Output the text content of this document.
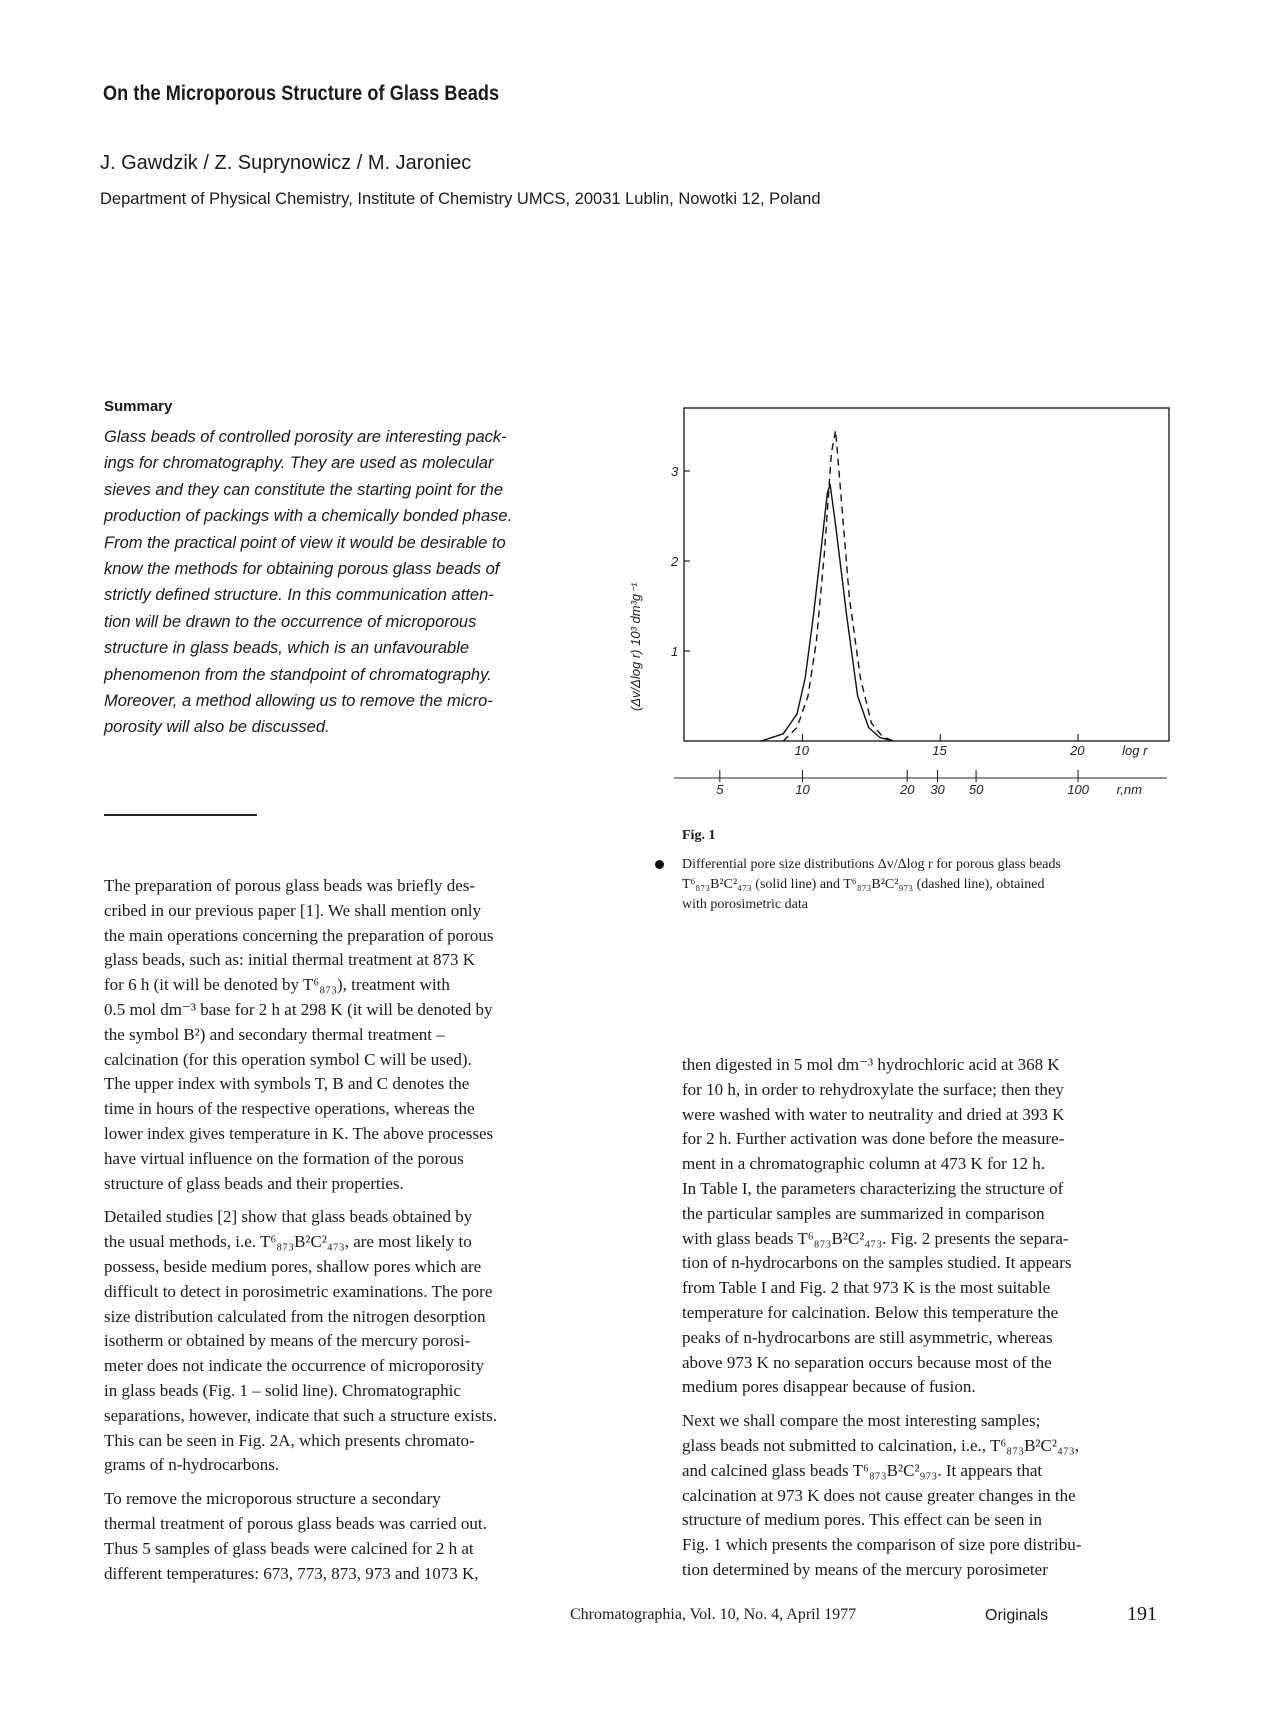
On the Microporous Structure of Glass Beads
J. Gawdzik / Z. Suprynowicz / M. Jaroniec
Department of Physical Chemistry, Institute of Chemistry UMCS, 20031 Lublin, Nowotki 12, Poland
Summary
Glass beads of controlled porosity are interesting pack-
ings for chromatography. They are used as molecular
sieves and they can constitute the starting point for the
production of packings with a chemically bonded phase.
From the practical point of view it would be desirable to
know the methods for obtaining porous glass beads of
strictly defined structure. In this communication atten-
tion will be drawn to the occurrence of microporous
structure in glass beads, which is an unfavourable
phenomenon from the standpoint of chromatography.
Moreover, a method allowing us to remove the micro-
porosity will also be discussed.
The preparation of porous glass beads was briefly des-
cribed in our previous paper [1]. We shall mention only
the main operations concerning the preparation of porous
glass beads, such as: initial thermal treatment at 873 K
for 6 h (it will be denoted by T⁶₈₇₃), treatment with
0.5 mol dm⁻³ base for 2 h at 298 K (it will be denoted by
the symbol B²) and secondary thermal treatment –
calcination (for this operation symbol C will be used).
The upper index with symbols T, B and C denotes the
time in hours of the respective operations, whereas the
lower index gives temperature in K. The above processes
have virtual influence on the formation of the porous
structure of glass beads and their properties.
Detailed studies [2] show that glass beads obtained by
the usual methods, i.e. T⁶₈₇₃B²C²₄₇₃, are most likely to
possess, beside medium pores, shallow pores which are
difficult to detect in porosimetric examinations. The pore
size distribution calculated from the nitrogen desorption
isotherm or obtained by means of the mercury porosi-
meter does not indicate the occurrence of microporosity
in glass beads (Fig. 1 – solid line). Chromatographic
separations, however, indicate that such a structure exists.
This can be seen in Fig. 2A, which presents chromato-
grams of n-hydrocarbons.
To remove the microporous structure a secondary
thermal treatment of porous glass beads was carried out.
Thus 5 samples of glass beads were calcined for 2 h at
different temperatures: 673, 773, 873, 973 and 1073 K,
then digested in 5 mol dm⁻³ hydrochloric acid at 368 K
for 10 h, in order to rehydroxylate the surface; then they
were washed with water to neutrality and dried at 393 K
for 2 h. Further activation was done before the measure-
ment in a chromatographic column at 473 K for 12 h.
In Table I, the parameters characterizing the structure of
the particular samples are summarized in comparison
with glass beads T⁶₈₇₃B²C²₄₇₃. Fig. 2 presents the separa-
tion of n-hydrocarbons on the samples studied. It appears
from Table I and Fig. 2 that 973 K is the most suitable
temperature for calcination. Below this temperature the
peaks of n-hydrocarbons are still asymmetric, whereas
above 973 K no separation occurs because most of the
medium pores disappear because of fusion.
Next we shall compare the most interesting samples;
glass beads not submitted to calcination, i.e., T⁶₈₇₃B²C²₄₇₃,
and calcined glass beads T⁶₈₇₃B²C²₉₇₃. It appears that
calcination at 973 K does not cause greater changes in the
structure of medium pores. This effect can be seen in
Fig. 1 which presents the comparison of size pore distribu-
tion determined by means of the mercury porosimeter
1
2
3
10	15	20	log r
5	10	20 30 50	100 r,nm
(Δv/Δlog r) 10³ dm³g⁻¹
Fig. 1
Differential pore size distributions Δv/Δlog r for porous glass beads
T⁶₈₇₃B²C²₄₇₃ (solid line) and T⁶₈₇₃B²C²₉₇₃ (dashed line), obtained
with porosimetric data
Chromatographia, Vol. 10, No. 4, April 1977	Originals	191
